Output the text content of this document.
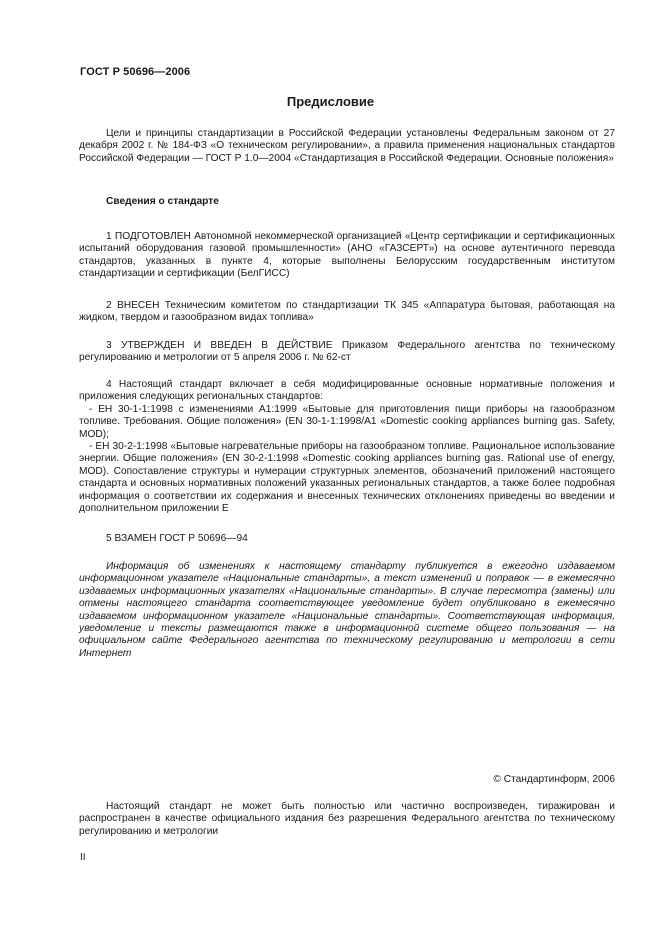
ГОСТ Р 50696—2006
Предисловие

Цели и принципы стандартизации в Российской Федерации установлены Федеральным законом от 27 декабря 2002 г. № 184-ФЗ «О техническом регулировании», а правила применения национальных стандартов Российской Федерации — ГОСТ Р 1.0—2004 «Стандартизация в Российской Федерации. Основные положения»

Сведения о стандарте

1 ПОДГОТОВЛЕН Автономной некоммерческой организацией «Центр сертификации и сертификационных испытаний оборудования газовой промышленности» (АНО «ГАЗСЕРТ») на основе аутентичного перевода стандартов, указанных в пункте 4, которые выполнены Белорусским государственным институтом стандартизации и сертификации (БелГИСС)

2 ВНЕСЕН Техническим комитетом по стандартизации ТК 345 «Аппаратура бытовая, работающая на жидком, твердом и газообразном видах топлива»

3 УТВЕРЖДЕН И ВВЕДЕН В ДЕЙСТВИЕ Приказом Федерального агентства по техническому регулированию и метрологии от 5 апреля 2006 г. № 62-ст

4 Настоящий стандарт включает в себя модифицированные основные нормативные положения и приложения следующих региональных стандартов:

- ЕН 30-1-1:1998 с изменениями А1:1999 «Бытовые для приготовления пищи приборы на газообразном топливе. Требования. Общие положения» (EN 30-1-1:1998/A1 «Domestic cooking appliances burning gas. Safety, MOD);

- ЕН 30-2-1:1998 «Бытовые нагревательные приборы на газообразном топливе. Рациональное использование энергии. Общие положения» (EN 30-2-1:1998 «Domestic cooking appliances burning gas. Rational use of energy, MOD). Сопоставление структуры и нумерации структурных элементов, обозначений приложений настоящего стандарта и основных нормативных положений указанных региональных стандартов, а также более подробная информация о соответствии их содержания и внесенных технических отклонениях приведены во введении и дополнительном приложении Е

5 ВЗАМЕН ГОСТ Р 50696—94

Информация об изменениях к настоящему стандарту публикуется в ежегодно издаваемом информационном указателе «Национальные стандарты», а текст изменений и поправок — в ежемесячно издаваемых информационных указателях «Национальные стандарты». В случае пересмотра (замены) или отмены настоящего стандарта соответствующее уведомление будет опубликовано в ежемесячно издаваемом информационном указателе «Национальные стандарты». Соответствующая информация, уведомление и тексты размещаются также в информационной системе общего пользования — на официальном сайте Федерального агентства по техническому регулированию и метрологии в сети Интернет

© Стандартинформ, 2006

Настоящий стандарт не может быть полностью или частично воспроизведен, тиражирован и распространен в качестве официального издания без разрешения Федерального агентства по техническому регулированию и метрологии

II
